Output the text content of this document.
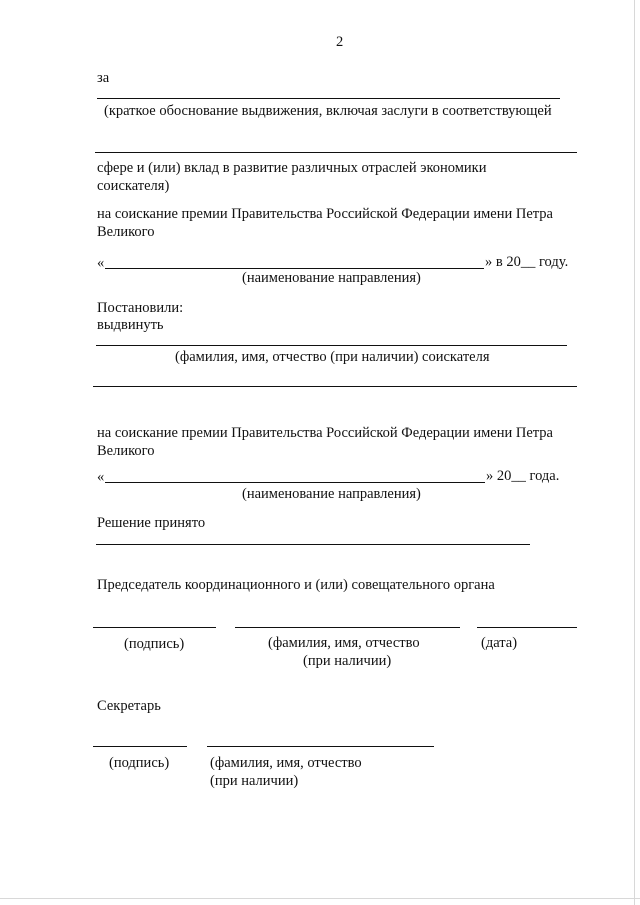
2
за
(краткое обоснование выдвижения, включая заслуги в соответствующей
сфере и (или) вклад в развитие различных отраслей экономики
соискателя)
на соискание премии Правительства Российской Федерации имени Петра
Великого
«	» в 20__ году.
(наименование направления)
Постановили:
выдвинуть
(фамилия, имя, отчество (при наличии) соискателя
на соискание премии Правительства Российской Федерации имени Петра
Великого
«	» 20__ года.
(наименование направления)
Решение принято
Председатель координационного и (или) совещательного органа
(подпись)	(фамилия, имя, отчество
(при наличии)
(дата)
Секретарь
(подпись)	(фамилия, имя, отчество
(при наличии)
